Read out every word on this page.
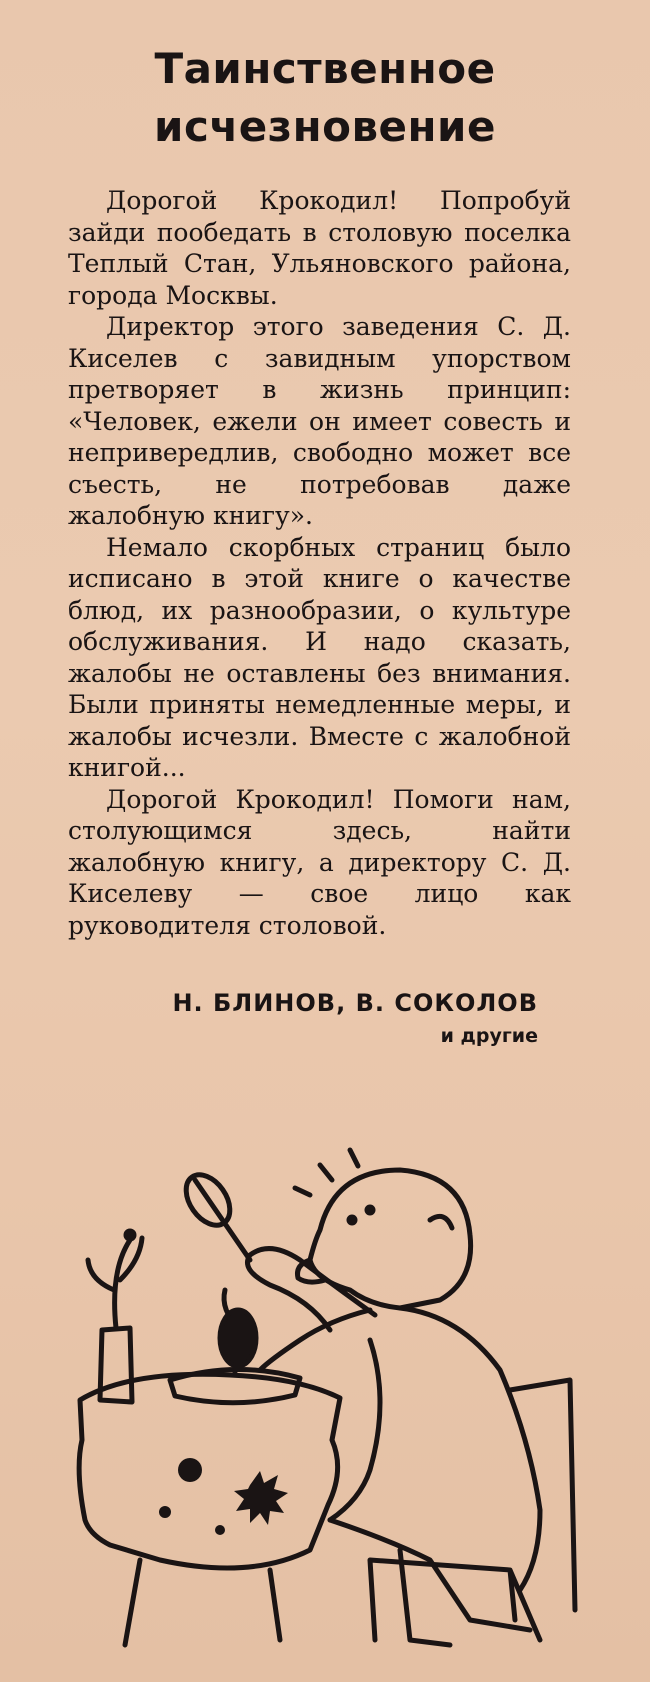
Таинственное
исчезновение

Дорогой Крокодил! Попробуй зайди пообедать в столовую поселка Теплый Стан, Ульяновского района, города Москвы.

Директор этого заведения С. Д. Киселев с завидным упорством претворяет в жизнь принцип: «Человек, ежели он имеет совесть и непривередлив, свободно может все съесть, не потребовав даже жалобную книгу».

Немало скорбных страниц было исписано в этой книге о качестве блюд, их разнообразии, о культуре обслуживания. И надо сказать, жалобы не оставлены без внимания. Были приняты немедленные меры, и жалобы исчезли. Вместе с жалобной книгой...

Дорогой Крокодил! Помоги нам, столующимся здесь, найти жалобную книгу, а директору С. Д. Киселеву — свое лицо как руководителя столовой.

Н. БЛИНОВ, В. СОКОЛОВ
и другие
